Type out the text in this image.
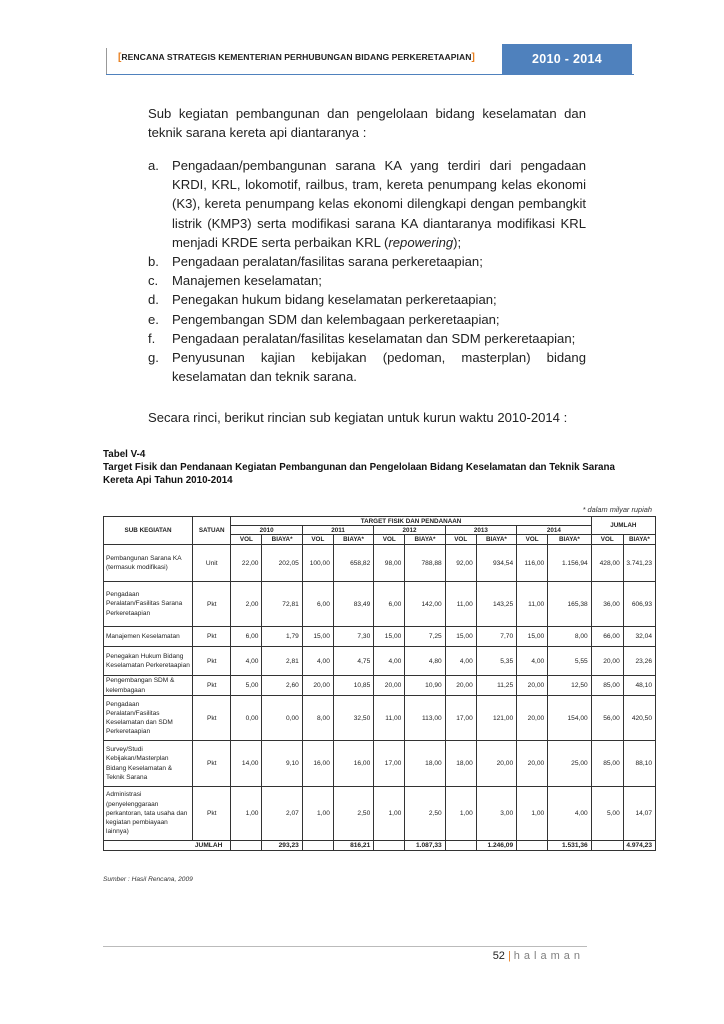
[RENCANA STRATEGIS KEMENTERIAN PERHUBUNGAN BIDANG PERKERETAAPIAN]	2010 - 2014
Sub kegiatan pembangunan dan pengelolaan bidang keselamatan dan teknik sarana kereta api diantaranya :
a. Pengadaan/pembangunan sarana KA yang terdiri dari pengadaan KRDI, KRL, lokomotif, railbus, tram, kereta penumpang kelas ekonomi (K3), kereta penumpang kelas ekonomi dilengkapi dengan pembangkit listrik (KMP3) serta modifikasi sarana KA diantaranya modifikasi KRL menjadi KRDE serta perbaikan KRL (repowering);
b. Pengadaan peralatan/fasilitas sarana perkeretaapian;
c.	Manajemen keselamatan;
d. Penegakan hukum bidang keselamatan perkeretaapian;
e. Pengembangan SDM dan kelembagaan perkeretaapian;
f.	Pengadaan peralatan/fasilitas keselamatan dan SDM perkeretaapian;
g. Penyusunan kajian kebijakan (pedoman, masterplan) bidang keselamatan dan teknik sarana.
Secara rinci, berikut rincian sub kegiatan untuk kurun waktu 2010-2014 :
Tabel V-4
Target Fisik dan Pendanaan Kegiatan Pembangunan dan Pengelolaan Bidang Keselamatan dan Teknik Sarana Kereta Api Tahun 2010-2014
* dalam milyar rupiah
SUB KEGIATAN	SATUAN	TARGET FISIK DAN PENDANAAN										JUMLAH	
		2010		2011		2012		2013		2014			
		VOL	BIAYA*	VOL	BIAYA*	VOL	BIAYA*	VOL	BIAYA*	VOL	BIAYA*	VOL	BIAYA*
Pembangunan Sarana KA (termasuk modifikasi)	Unit	22,00	202,05	100,00	658,82	98,00	788,88	92,00	934,54	116,00	1.156,94	428,00	3.741,23
Pengadaan Peralatan/Fasilitas Sarana Perkeretaapian	Pkt	2,00	72,81	6,00	83,49	6,00	142,00	11,00	143,25	11,00	165,38	36,00	606,93
Manajemen Keselamatan	Pkt	6,00	1,79	15,00	7,30	15,00	7,25	15,00	7,70	15,00	8,00	66,00	32,04
Penegakan Hukum Bidang Keselamatan Perkeretaapian	Pkt	4,00	2,81	4,00	4,75	4,00	4,80	4,00	5,35	4,00	5,55	20,00	23,26
Pengembangan SDM & kelembagaan	Pkt	5,00	2,60	20,00	10,85	20,00	10,90	20,00	11,25	20,00	12,50	85,00	48,10
Pengadaan Peralatan/Fasilitas Keselamatan dan SDM Perkeretaapian	Pkt	0,00	0,00	8,00	32,50	11,00	113,00	17,00	121,00	20,00	154,00	56,00	420,50
Survey/Studi Kebijakan/Masterplan Bidang Keselamatan & Teknik Sarana	Pkt	14,00	9,10	16,00	16,00	17,00	18,00	18,00	20,00	20,00	25,00	85,00	88,10
Administrasi (penyelenggaraan perkantoran, tata usaha dan kegiatan pembiayaan lainnya)	Pkt	1,00	2,07	1,00	2,50	1,00	2,50	1,00	3,00	1,00	4,00	5,00	14,07
JUMLAH			293,23		816,21		1.087,33		1.246,09		1.531,36		4.974,23
Sumber : Hasil Rencana, 2009
52 | halaman
